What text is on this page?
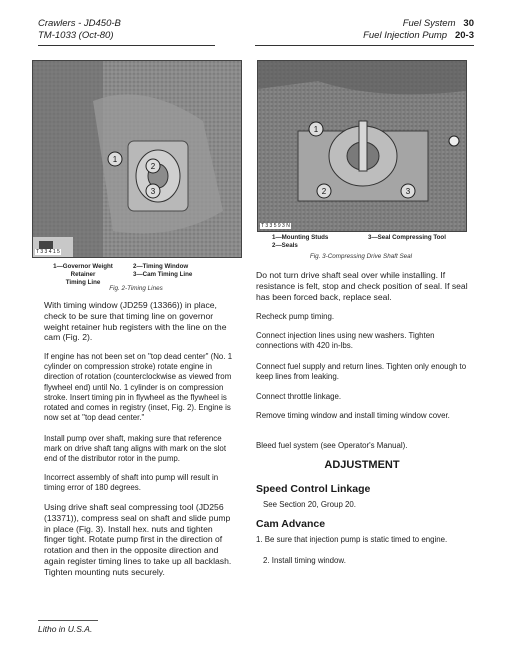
Crawlers - JD450-B
TM-1033 (Oct-80)
Fuel System 30
Fuel Injection Pump 20-3
1
2
3
T 3 3 4 1 5
1—Governor Weight Retainer
Timing Line
2—Timing Window
3—Cam Timing Line
Fig. 2-Timing Lines
1
2	3
T 3 3 5 9 3 N
1—Mounting Studs
2—Seals
3—Seal Compressing Tool
Fig. 3-Compressing Drive Shaft Seal
With timing window (JD259 (13366)) in place, check to be sure that timing line on governor weight retainer hub registers with the line on the cam (Fig. 2).
If engine has not been set on "top dead center" (No. 1 cylinder on compression stroke) rotate engine in direction of rotation (counterclockwise as viewed from flywheel end) until No. 1 cylinder is on compression stroke. Insert timing pin in flywheel as the flywheel is rotated and comes in registry (inset, Fig. 2). Engine is now set at "top dead center."
Install pump over shaft, making sure that reference mark on drive shaft tang aligns with mark on the slot end of the distributor rotor in the pump.
Incorrect assembly of shaft into pump will result in timing error of 180 degrees.
Using drive shaft seal compressing tool (JD256 (13371)), compress seal on shaft and slide pump in place (Fig. 3). Install hex. nuts and tighten finger tight. Rotate pump first in the direction of rotation and then in the opposite direction and again register timing lines to take up all backlash. Tighten mounting nuts securely.
Do not turn drive shaft seal over while installing. If resistance is felt, stop and check position of seal. If seal has been forced back, replace seal.
Recheck pump timing.
Connect injection lines using new washers. Tighten connections with 420 in-lbs.
Connect fuel supply and return lines. Tighten only enough to keep lines from leaking.
Connect throttle linkage.
Remove timing window and install timing window cover.
Bleed fuel system (see Operator's Manual).
ADJUSTMENT
Speed Control Linkage
See Section 20, Group 20.
Cam Advance
1. Be sure that injection pump is static timed to engine.
2. Install timing window.
Litho in U.S.A.
